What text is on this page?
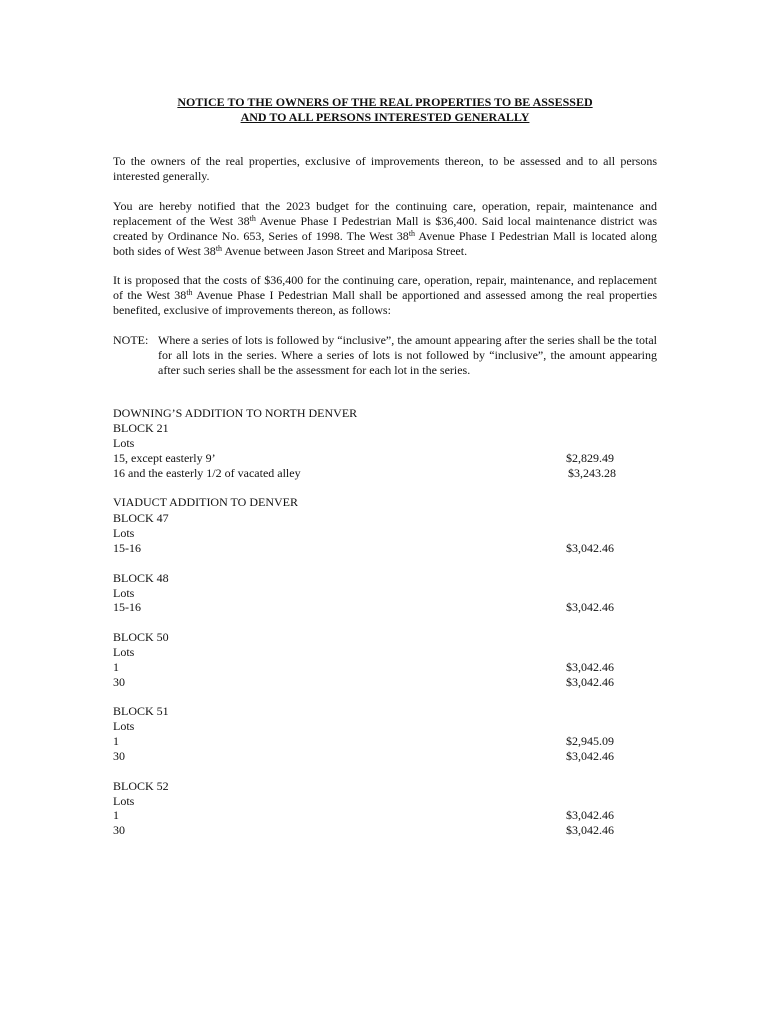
NOTICE TO THE OWNERS OF THE REAL PROPERTIES TO BE ASSESSED
AND TO ALL PERSONS INTERESTED GENERALLY
To the owners of the real properties, exclusive of improvements thereon, to be assessed and to all persons interested generally.
You are hereby notified that the 2023 budget for the continuing care, operation, repair, maintenance and replacement of the West 38th Avenue Phase I Pedestrian Mall is $36,400. Said local maintenance district was created by Ordinance No. 653, Series of 1998. The West 38th Avenue Phase I Pedestrian Mall is located along both sides of West 38th Avenue between Jason Street and Mariposa Street.
It is proposed that the costs of $36,400 for the continuing care, operation, repair, maintenance, and replacement of the West 38th Avenue Phase I Pedestrian Mall shall be apportioned and assessed among the real properties benefited, exclusive of improvements thereon, as follows:
NOTE: Where a series of lots is followed by “inclusive”, the amount appearing after the series shall be the total for all lots in the series. Where a series of lots is not followed by “inclusive”, the amount appearing after such series shall be the assessment for each lot in the series.
DOWNING’S ADDITION TO NORTH DENVER
BLOCK 21
Lots
15, except easterly 9’	$2,829.49
16 and the easterly 1/2 of vacated alley	$3,243.28
VIADUCT ADDITION TO DENVER
BLOCK 47
Lots
15-16	$3,042.46
BLOCK 48
Lots
15-16	$3,042.46
BLOCK 50
Lots
1	$3,042.46
30	$3,042.46
BLOCK 51
Lots
1	$2,945.09
30	$3,042.46
BLOCK 52
Lots
1	$3,042.46
30	$3,042.46
